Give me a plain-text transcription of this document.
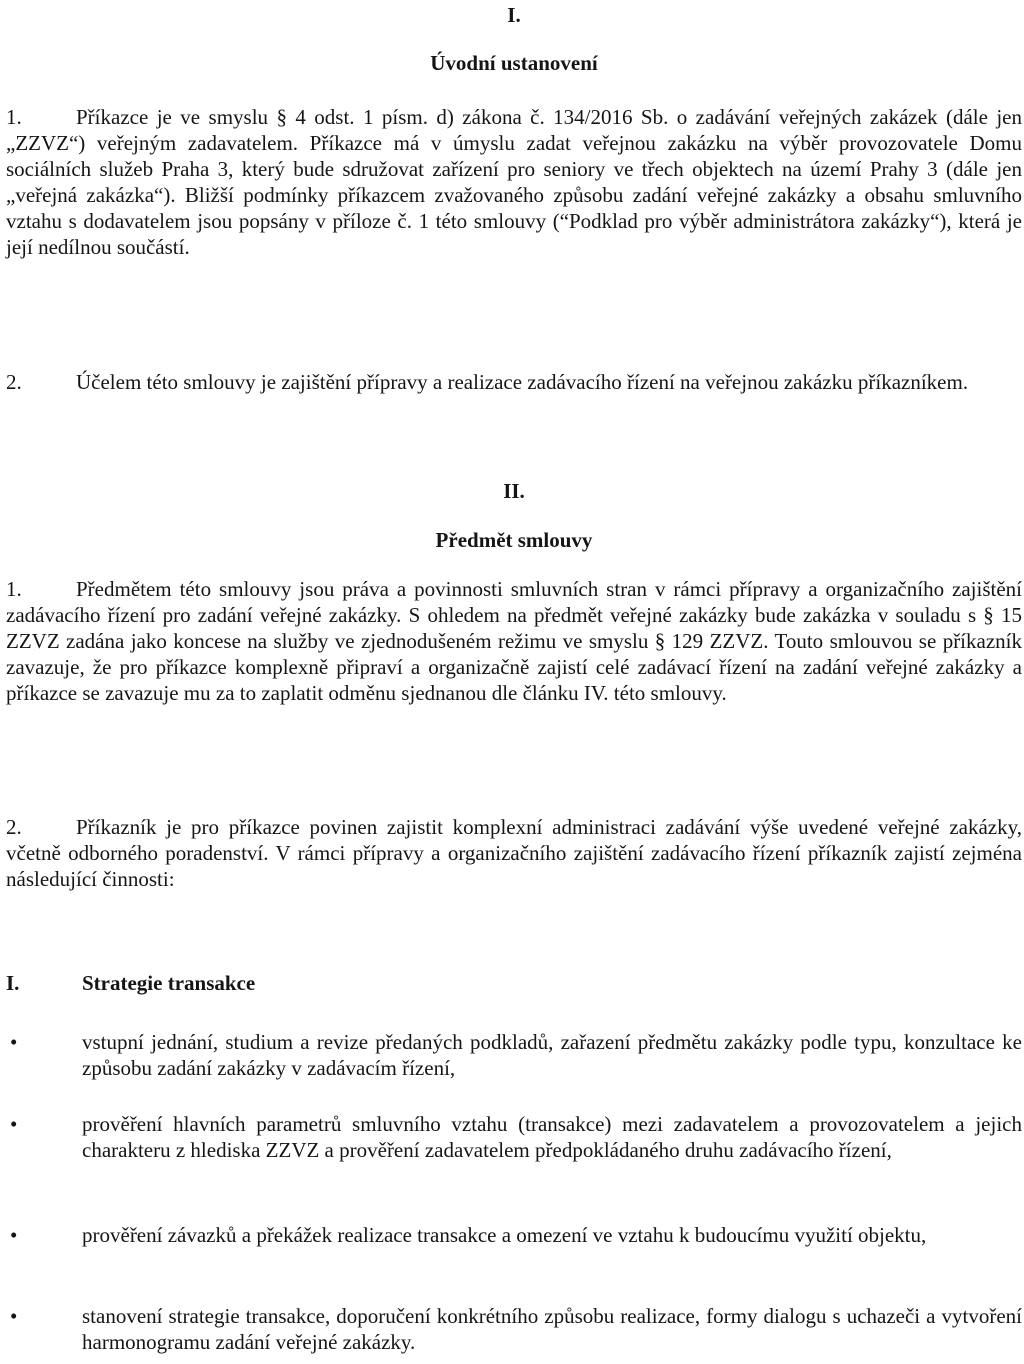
I.
Úvodní ustanovení
1.	Příkazce je ve smyslu § 4 odst. 1 písm. d) zákona č. 134/2016 Sb. o zadávání veřejných zakázek (dále jen „ZZVZ“) veřejným zadavatelem. Příkazce má v úmyslu zadat veřejnou zakázku na výběr provozovatele Domu sociálních služeb Praha 3, který bude sdružovat zařízení pro seniory ve třech objektech na území Prahy 3 (dále jen „veřejná zakázka“). Bližší podmínky příkazcem zvažovaného způsobu zadání veřejné zakázky a obsahu smluvního vztahu s dodavatelem jsou popsány v příloze č. 1 této smlouvy (“Podklad pro výběr administrátora zakázky“), která je její nedílnou součástí.
2.	Účelem této smlouvy je zajištění přípravy a realizace zadávacího řízení na veřejnou zakázku příkazníkem.
II.
Předmět smlouvy
1.	Předmětem této smlouvy jsou práva a povinnosti smluvních stran v rámci přípravy a organizačního zajištění zadávacího řízení pro zadání veřejné zakázky. S ohledem na předmět veřejné zakázky bude zakázka v souladu s § 15 ZZVZ zadána jako koncese na služby ve zjednodušeném režimu ve smyslu § 129 ZZVZ. Touto smlouvou se příkazník zavazuje, že pro příkazce komplexně připraví a organizačně zajistí celé zadávací řízení na zadání veřejné zakázky a příkazce se zavazuje mu za to zaplatit odměnu sjednanou dle článku IV. této smlouvy.
2.	Příkazník je pro příkazce povinen zajistit komplexní administraci zadávání výše uvedené veřejné zakázky, včetně odborného poradenství. V rámci přípravy a organizačního zajištění zadávacího řízení příkazník zajistí zejména následující činnosti:
I.	Strategie transakce
•	vstupní jednání, studium a revize předaných podkladů, zařazení předmětu zakázky podle typu, konzultace ke způsobu zadání zakázky v zadávacím řízení,
•	prověření hlavních parametrů smluvního vztahu (transakce) mezi zadavatelem a provozovatelem a jejich charakteru z hlediska ZZVZ a prověření zadavatelem předpokládaného druhu zadávacího řízení,
•	prověření závazků a překážek realizace transakce a omezení ve vztahu k budoucímu využití objektu,
•	stanovení strategie transakce, doporučení konkrétního způsobu realizace, formy dialogu s uchazeči a vytvoření harmonogramu zadání veřejné zakázky.
